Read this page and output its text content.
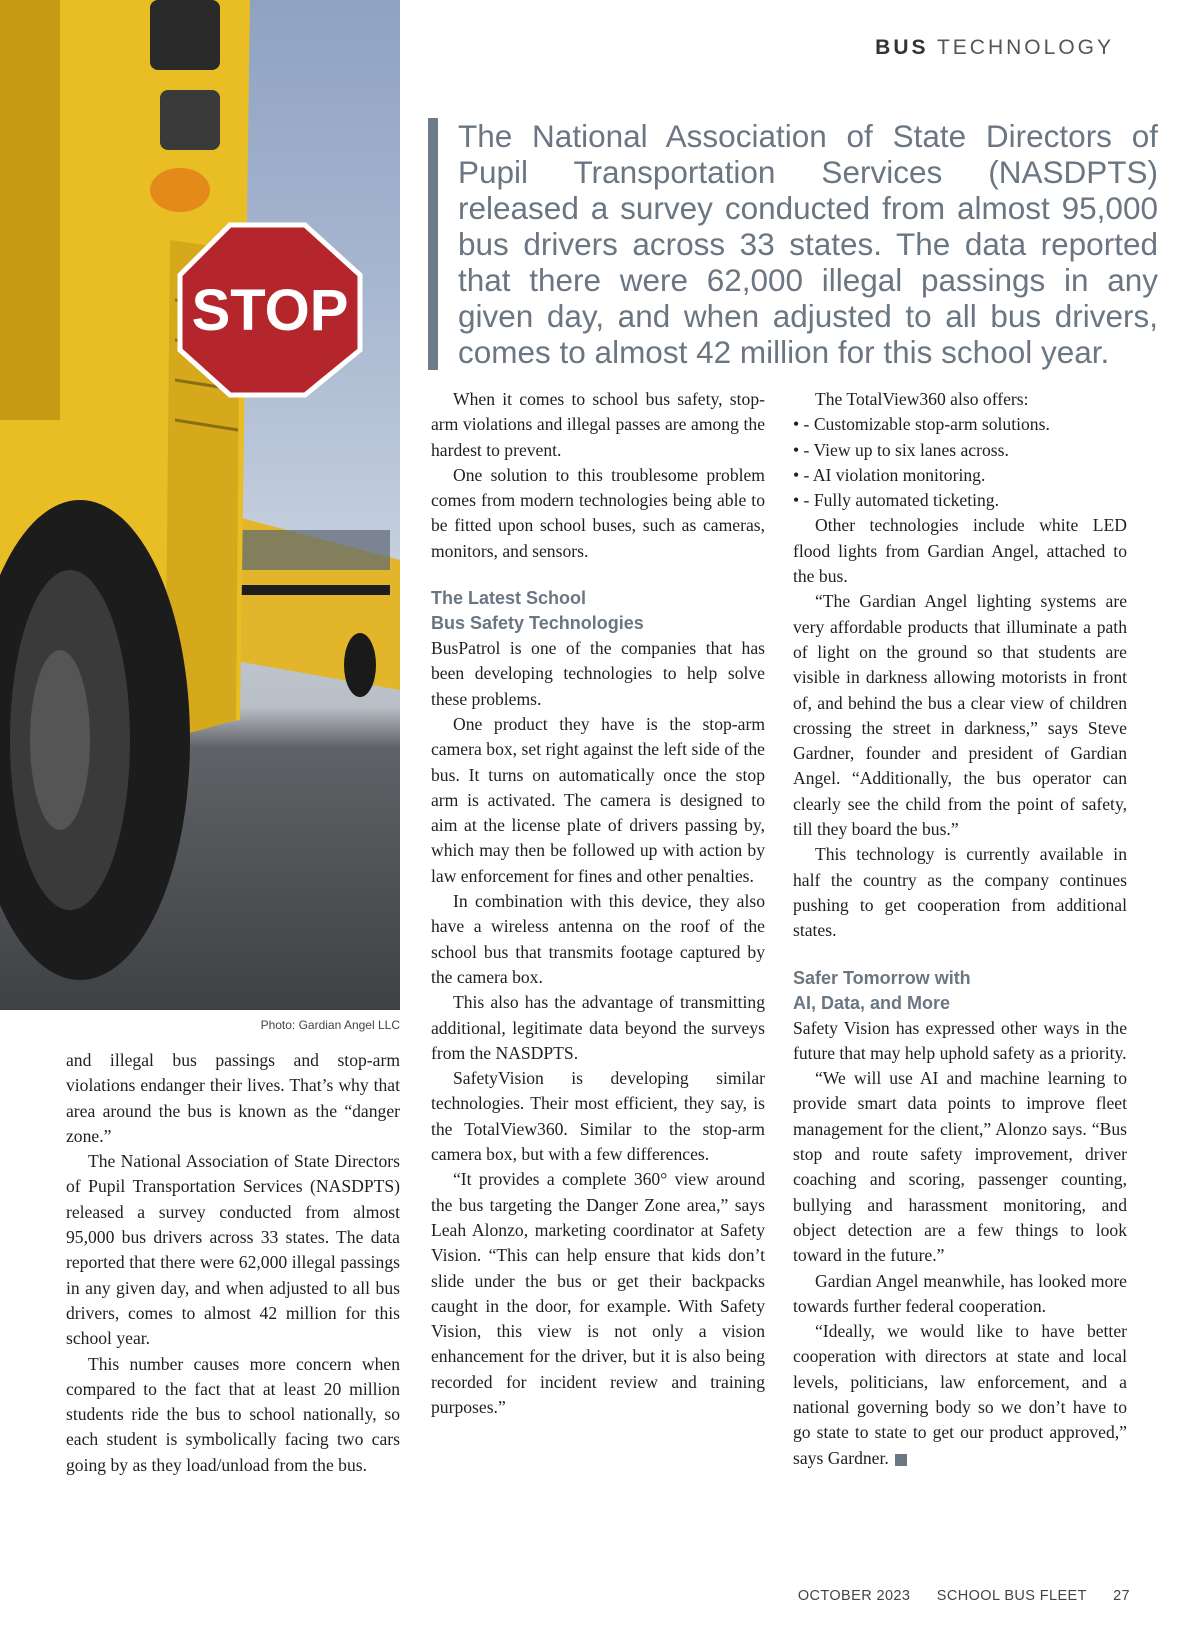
BUS TECHNOLOGY
STOP
Photo: Gardian Angel LLC
The National Association of State Directors of Pupil Transportation Services (NASDPTS) released a survey conducted from almost 95,000 bus drivers across 33 states. The data reported that there were 62,000 illegal passings in any given day, and when adjusted to all bus drivers, comes to almost 42 million for this school year.

and illegal bus passings and stop-arm violations endanger their lives. That’s why that area around the bus is known as the “danger zone.”

The National Association of State Directors of Pupil Transportation Services (NASDPTS) released a survey conducted from almost 95,000 bus drivers across 33 states. The data reported that there were 62,000 illegal passings in any given day, and when adjusted to all bus drivers, comes to almost 42 million for this school year.

This number causes more concern when compared to the fact that at least 20 million students ride the bus to school nationally, so each student is symbolically facing two cars going by as they load/unload from the bus.

When it comes to school bus safety, stop-arm violations and illegal passes are among the hardest to prevent.

One solution to this troublesome problem comes from modern technologies being able to be fitted upon school buses, such as cameras, monitors, and sensors.

The Latest School
Bus Safety Technologies

BusPatrol is one of the companies that has been developing technologies to help solve these problems.

One product they have is the stop-arm camera box, set right against the left side of the bus. It turns on automatically once the stop arm is activated. The camera is designed to aim at the license plate of drivers passing by, which may then be followed up with action by law enforcement for fines and other penalties.

In combination with this device, they also have a wireless antenna on the roof of the school bus that transmits footage captured by the camera box.

This also has the advantage of transmitting additional, legitimate data beyond the surveys from the NASDPTS.

SafetyVision is developing similar technologies. Their most efficient, they say, is the TotalView360. Similar to the stop-arm camera box, but with a few differences.

“It provides a complete 360° view around the bus targeting the Danger Zone area,” says Leah Alonzo, marketing coordinator at Safety Vision. “This can help ensure that kids don’t slide under the bus or get their backpacks caught in the door, for example. With Safety Vision, this view is not only a vision enhancement for the driver, but it is also being recorded for incident review and training purposes.”

The TotalView360 also offers:

• - Customizable stop-arm solutions.
• - View up to six lanes across.
• - AI violation monitoring.
• - Fully automated ticketing.

Other technologies include white LED flood lights from Gardian Angel, attached to the bus.

“The Gardian Angel lighting systems are very affordable products that illuminate a path of light on the ground so that students are visible in darkness allowing motorists in front of, and behind the bus a clear view of children crossing the street in darkness,” says Steve Gardner, founder and president of Gardian Angel. “Additionally, the bus operator can clearly see the child from the point of safety, till they board the bus.”

This technology is currently available in half the country as the company continues pushing to get cooperation from additional states.

Safer Tomorrow with
AI, Data, and More

Safety Vision has expressed other ways in the future that may help uphold safety as a priority.

“We will use AI and machine learning to provide smart data points to improve fleet management for the client,” Alonzo says. “Bus stop and route safety improvement, driver coaching and scoring, passenger counting, bullying and harassment monitoring, and object detection are a few things to look toward in the future.”

Gardian Angel meanwhile, has looked more towards further federal cooperation.

“Ideally, we would like to have better cooperation with directors at state and local levels, politicians, law enforcement, and a national governing body so we don’t have to go state to state to get our product approved,” says Gardner.

OCTOBER 2023 SCHOOL BUS FLEET 27
